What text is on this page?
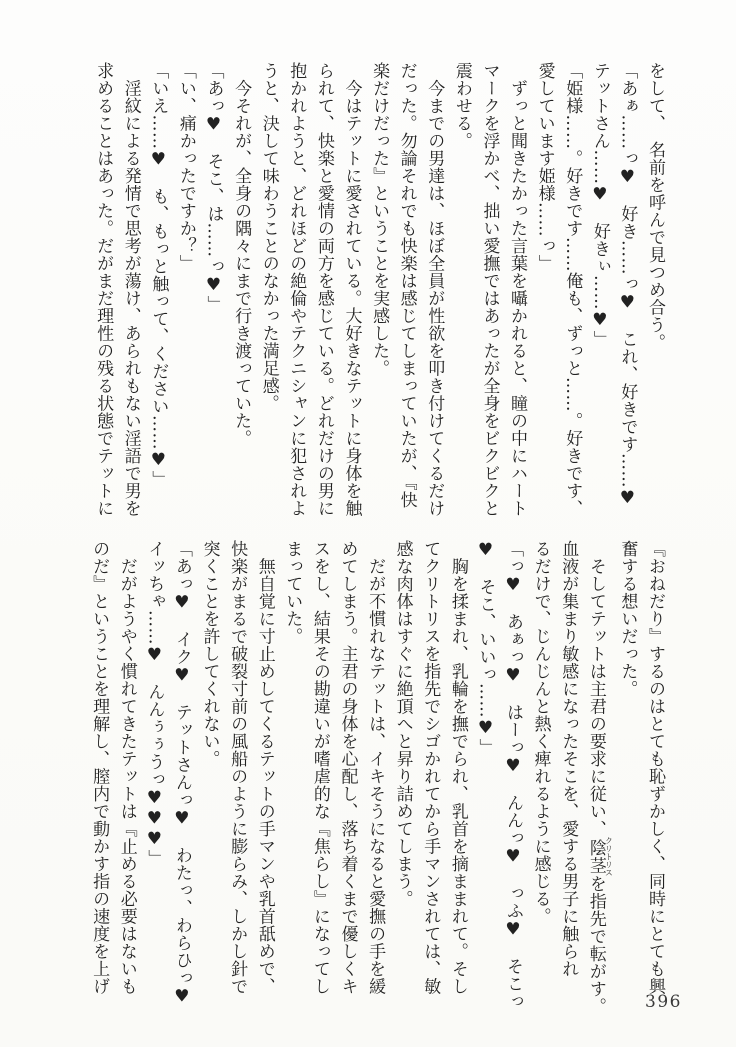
をして、　名前を呼んで見つめ合う。
「あぁ……っ♥　好き……っ♥　これ、好きです……♥
テットさん……♥　好きぃ……♥」
「姫様……。好きです……俺も、ずっと……。好きです、
愛しています姫様……っ」
　ずっと聞きたかった言葉を囁かれると、瞳の中にハート
マークを浮かべ、拙い愛撫ではあったが全身をビクビクと
震わせる。
　今までの男達は、ほぼ全員が性欲を叩き付けてくるだけ
だった。勿論それでも快楽は感じてしまっていたが、『快
楽だけだった』ということを実感した。
　今はテットに愛されている。大好きなテットに身体を触
られて、快楽と愛情の両方を感じている。どれだけの男に
抱かれようと、どれほどの絶倫やテクニシャンに犯されよ
うと、決して味わうことのなかった満足感。
　今それが、全身の隅々にまで行き渡っていた。
「あっ♥　そこ、は……っ♥」
「い、痛かったですか？」
「いえ……♥　も、もっと触って、ください……♥」
　淫紋による発情で思考が蕩け、あられもない淫語で男を
求めることはあった。だがまだ理性の残る状態でテットに
『おねだり』するのはとても恥ずかしく、同時にとても興
奮する想いだった。
　そしてテットは主君の要求に従い、陰茎クリトリスを指先で転がす。
血液が集まり敏感になったそこを、愛する男子に触られ
るだけで、じんじんと熱く痺れるように感じる。
「っ♥　あぁっ♥　はーっ♥　んんっ♥　っふ♥　そこっ
♥　そこ、いいっ……♥」
　胸を揉まれ、乳輪を撫でられ、乳首を摘ままれて。そし
てクリトリスを指先でシゴかれてから手マンされては、敏
感な肉体はすぐに絶頂へと昇り詰めてしまう。
　だが不慣れなテットは、イキそうになると愛撫の手を緩
めてしまう。主君の身体を心配し、落ち着くまで優しくキ
スをし、結果その勘違いが嗜虐的な『焦らし』になってし
まっていた。
　無自覚に寸止めしてくるテットの手マンや乳首舐めで、
快楽がまるで破裂寸前の風船のように膨らみ、しかし針で
突くことを許してくれない。
「あっ♥　イク♥　テットさんっ♥　わたっ、わらひっ♥
イッちゃ……♥　んんぅぅうっ♥♥♥」
　だがようやく慣れてきたテットは『止める必要はないも
のだ』ということを理解し、膣内で動かす指の速度を上げ
396
